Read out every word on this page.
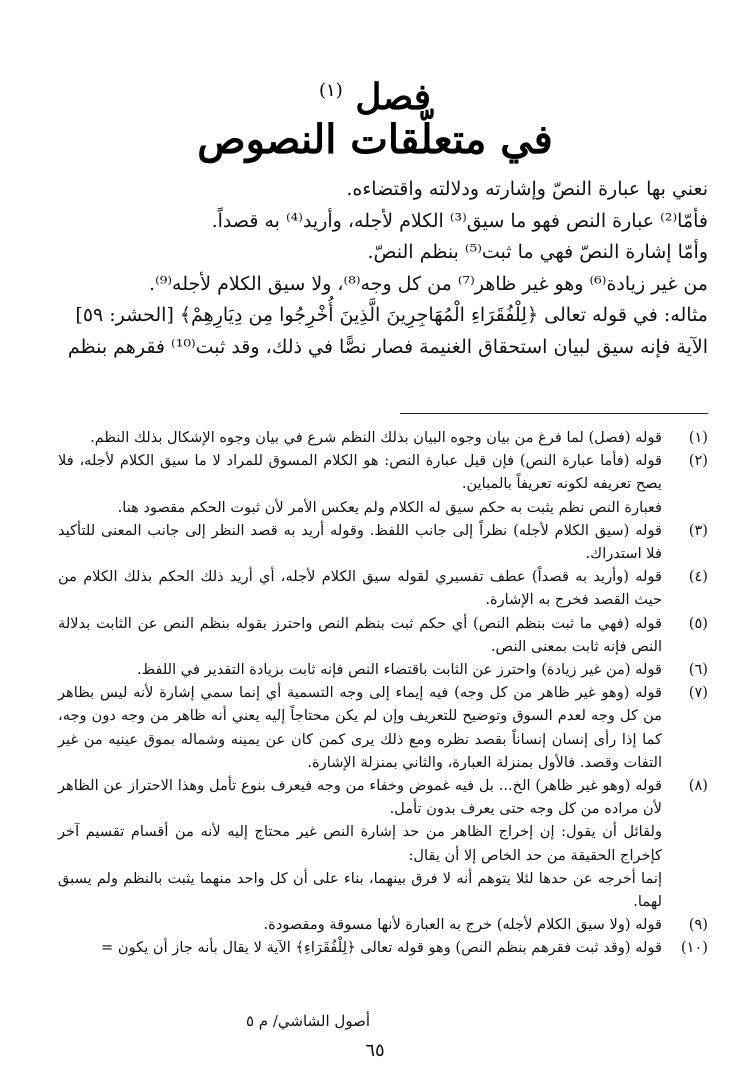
فصل $^{(١)}$
في متعلّقات النصوص

نعني بها عبارة النصّ وإشارته ودلالته واقتضاءه.

فأمّا⁽²⁾ عبارة النص فهو ما سيق⁽³⁾ الكلام لأجله، وأريد⁽⁴⁾ به قصداً.

وأمّا إشارة النصّ فهي ما ثبت⁽⁵⁾ بنظم النصّ.

من غير زيادة⁽⁶⁾ وهو غير ظاهر⁽⁷⁾ من كل وجه⁽⁸⁾، ولا سيق الكلام لأجله⁽⁹⁾.

مثاله: في قوله تعالى ﴿لِلْفُقَرَاءِ الْمُهَاجِرِينَ الَّذِينَ أُخْرِجُوا مِن دِيَارِهِمْ﴾ [الحشر: ٥٩]

الآية فإنه سيق لبيان استحقاق الغنيمة فصار نصًّا في ذلك، وقد ثبت⁽¹⁰⁾ فقرهم بنظم

(١)
قوله (فصل) لما فرغ من بيان وجوه البيان بذلك النظم شرع في بيان وجوه الإشكال بذلك النظم.
(٢)
قوله (فأما عبارة النص) فإن قيل عبارة النص: هو الكلام المسوق للمراد لا ما سيق الكلام لأجله، فلا يصح تعريفه لكونه تعريفاً بالمباين.
فعبارة النص نظم يثبت به حكم سيق له الكلام ولم يعكس الأمر لأن ثبوت الحكم مقصود هنا.
(٣)
قوله (سيق الكلام لأجله) نظراً إلى جانب اللفظ. وقوله أريد به قصد النظر إلى جانب المعنى للتأكيد فلا استدراك.
(٤)
قوله (وأريد به قصداً) عطف تفسيري لقوله سيق الكلام لأجله، أي أريد ذلك الحكم بذلك الكلام من حيث القصد فخرج به الإشارة.
(٥)
قوله (فهي ما ثبت بنظم النص) أي حكم ثبت بنظم النص واحترز بقوله بنظم النص عن الثابت بدلالة النص فإنه ثابت بمعنى النص.
(٦)
قوله (من غير زيادة) واحترز عن الثابت باقتضاء النص فإنه ثابت بزيادة التقدير في اللفظ.
(٧)
قوله (وهو غير ظاهر من كل وجه) فيه إيماء إلى وجه التسمية أي إنما سمي إشارة لأنه ليس بظاهر من كل وجه لعدم السوق وتوضيح للتعريف وإن لم يكن محتاجاً إليه يعني أنه ظاهر من وجه دون وجه، كما إذا رأى إنسان إنساناً بقصد نظره ومع ذلك يرى كمن كان عن يمينه وشماله بموق عينيه من غير التفات وقصد. فالأول بمنزلة العبارة، والثاني بمنزلة الإشارة.
(٨)
قوله (وهو غير ظاهر) الخ... بل فيه غموض وخفاء من وجه فيعرف بنوع تأمل وهذا الاحتراز عن الظاهر لأن مراده من كل وجه حتى يعرف بدون تأمل.
ولقائل أن يقول: إن إخراج الظاهر من حد إشارة النص غير محتاج إليه لأنه من أقسام تقسيم آخر كإخراج الحقيقة من حد الخاص إلا أن يقال:
إنما أخرجه عن حدها لئلا يتوهم أنه لا فرق بينهما، بناء على أن كل واحد منهما يثبت بالنظم ولم يسبق لهما.
(٩)
قوله (ولا سيق الكلام لأجله) خرج به العبارة لأنها مسوقة ومقصودة.
(١٠)
قوله (وقد ثبت فقرهم بنظم النص) وهو قوله تعالى ﴿لِلْفُقَرَاءِ﴾ الآية لا يقال بأنه جاز أن يكون =
أصول الشاشي/ م ٥
٦٥
